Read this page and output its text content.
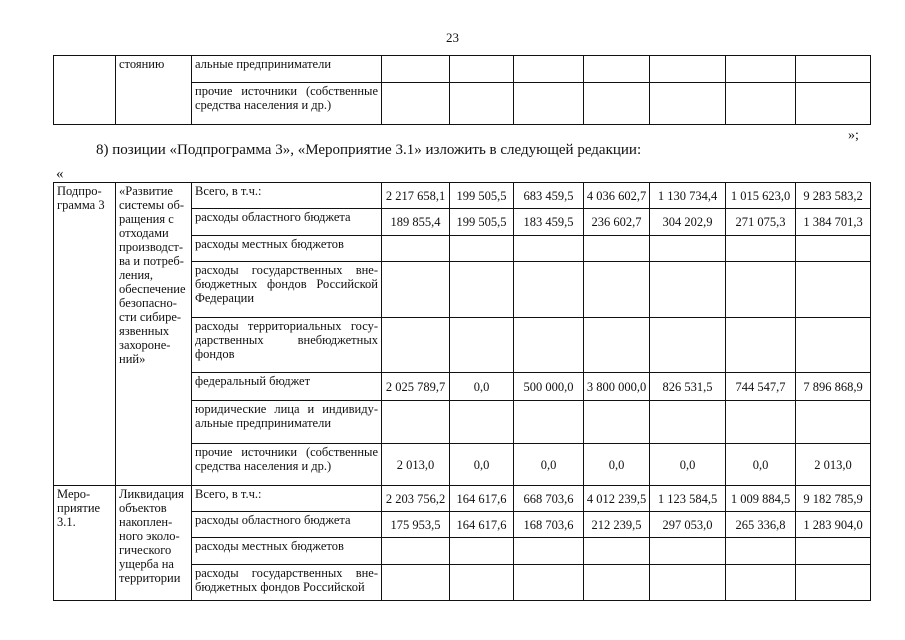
23
	стоянию	альные предприниматели							
		прочие источники (собственные средства населения и др.)							
»;
8) позиции «Подпрограмма 3», «Мероприятие 3.1» изложить в следующей редакции:
«
Подпро-грамма 3	«Развитие системы об-ращения с отходами производст-ва и потреб-ления, обеспечение безопасно-сти сибире-язвенных захороне-ний»	Всего, в т.ч.:	2 217 658,1	199 505,5	683 459,5	4 036 602,7	1 130 734,4	1 015 623,0	9 283 583,2
		расходы областного бюджета	189 855,4	199 505,5	183 459,5	236 602,7	304 202,9	271 075,3	1 384 701,3
		расходы местных бюджетов							
		расходы государственных вне-бюджетных фондов Российской Федерации							
		расходы территориальных госу-дарственных внебюджетных фондов							
		федеральный бюджет	2 025 789,7	0,0	500 000,0	3 800 000,0	826 531,5	744 547,7	7 896 868,9
		юридические лица и индивиду-альные предприниматели							
		прочие источники (собственные средства населения и др.)	2 013,0	0,0	0,0	0,0	0,0	0,0	2 013,0
Меро-приятие 3.1.	Ликвидация объектов накоплен-ного эколо-гического ущерба на территории	Всего, в т.ч.:	2 203 756,2	164 617,6	668 703,6	4 012 239,5	1 123 584,5	1 009 884,5	9 182 785,9
		расходы областного бюджета	175 953,5	164 617,6	168 703,6	212 239,5	297 053,0	265 336,8	1 283 904,0
		расходы местных бюджетов							
		расходы государственных вне-бюджетных фондов Российской							
